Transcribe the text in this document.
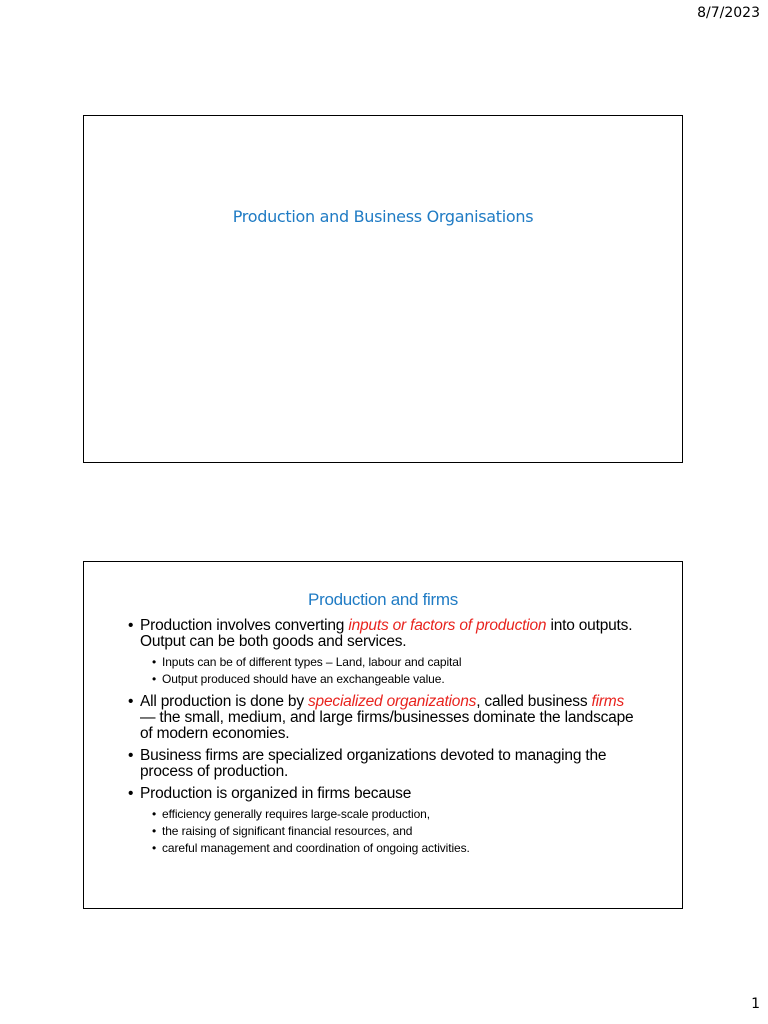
8/7/2023
Production and Business Organisations
Production and firms
• Production involves converting inputs or factors of production into outputs. Output can be both goods and services.
• Inputs can be of different types – Land, labour and capital
• Output produced should have an exchangeable value.
• All production is done by specialized organizations, called business firms — the small, medium, and large firms/businesses dominate the landscape of modern economies.
• Business firms are specialized organizations devoted to managing the process of production.
• Production is organized in firms because
• efficiency generally requires large-scale production,
• the raising of significant financial resources, and
• careful management and coordination of ongoing activities.
1
